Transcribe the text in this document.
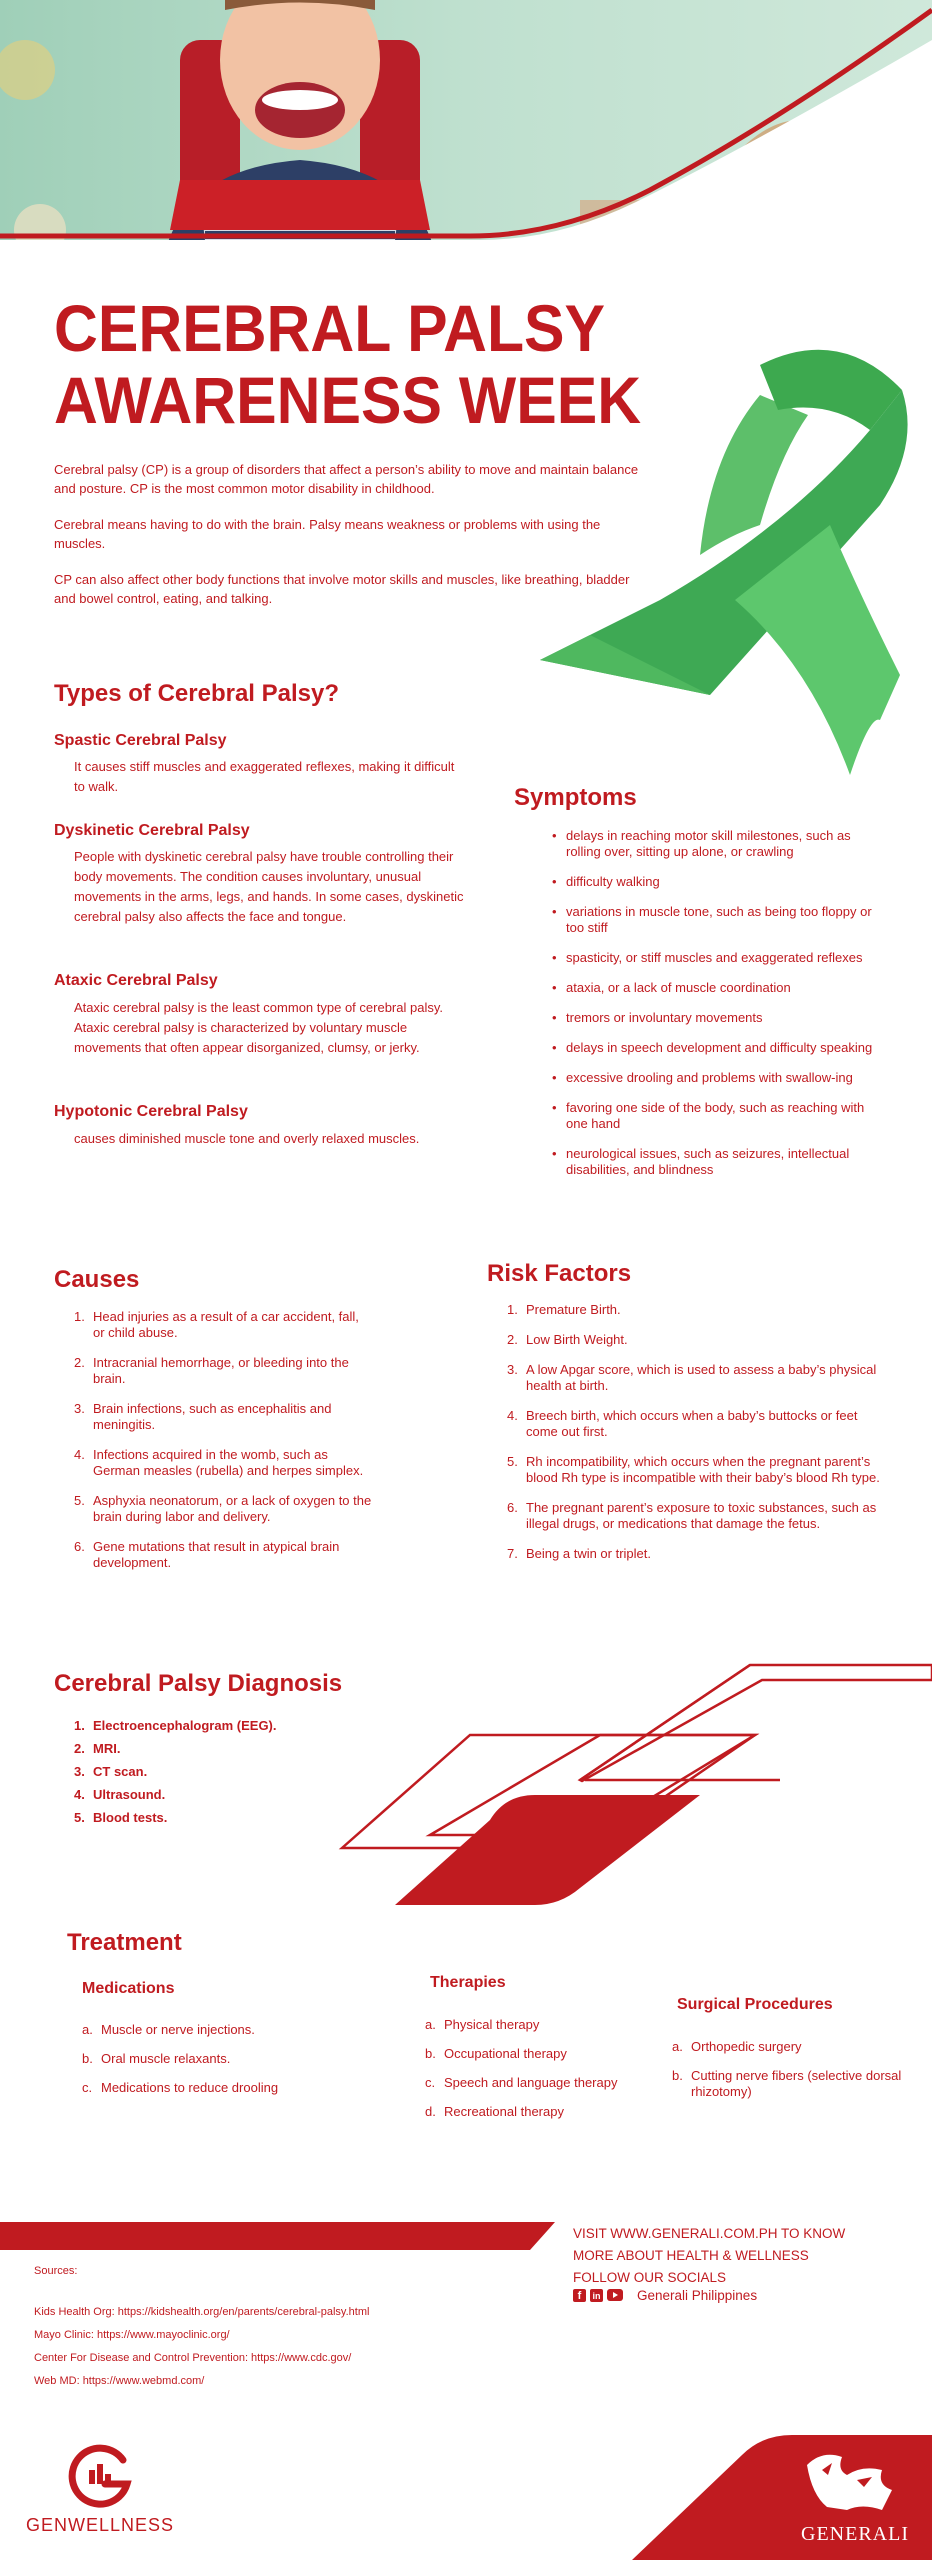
CEREBRAL PALSY
AWARENESS WEEK

Cerebral palsy (CP) is a group of disorders that affect a person’s ability to move and maintain balance and posture. CP is the most common motor disability in childhood.

Cerebral means having to do with the brain. Palsy means weakness or problems with using the muscles.

CP can also affect other body functions that involve motor skills and muscles, like breathing, bladder and bowel control, eating, and talking.

Types of Cerebral Palsy?
Spastic Cerebral Palsy
It causes stiff muscles and exaggerated reflexes, making it difficult to walk.
Dyskinetic Cerebral Palsy
People with dyskinetic cerebral palsy have trouble controlling their body movements. The condition causes involuntary, unusual movements in the arms, legs, and hands. In some cases, dyskinetic cerebral palsy also affects the face and tongue.
Ataxic Cerebral Palsy
Ataxic cerebral palsy is the least common type of cerebral palsy. Ataxic cerebral palsy is characterized by voluntary muscle movements that often appear disorganized, clumsy, or jerky.
Hypotonic Cerebral Palsy
causes diminished muscle tone and overly relaxed muscles.
Symptoms
• delays in reaching motor skill milestones, such as rolling over, sitting up alone, or crawling
• difficulty walking
• variations in muscle tone, such as being too floppy or too stiff
• spasticity, or stiff muscles and exaggerated reflexes
• ataxia, or a lack of muscle coordination
• tremors or involuntary movements
• delays in speech development and difficulty speaking
• excessive drooling and problems with swallow-ing
• favoring one side of the body, such as reaching with one hand
• neurological issues, such as seizures, intellectual disabilities, and blindness
Causes
1. Head injuries as a result of a car accident, fall, or child abuse.
2. Intracranial hemorrhage, or bleeding into the brain.
3. Brain infections, such as encephalitis and meningitis.
4. Infections acquired in the womb, such as German measles (rubella) and herpes simplex.
5. Asphyxia neonatorum, or a lack of oxygen to the brain during labor and delivery.
6. Gene mutations that result in atypical brain development.
Risk Factors
1. Premature Birth.
2. Low Birth Weight.
3. A low Apgar score, which is used to assess a baby’s physical health at birth.
4. Breech birth, which occurs when a baby’s buttocks or feet come out first.
5. Rh incompatibility, which occurs when the pregnant parent’s blood Rh type is incompatible with their baby’s blood Rh type.
6. The pregnant parent’s exposure to toxic substances, such as illegal drugs, or medications that damage the fetus.
7. Being a twin or triplet.
Cerebral Palsy Diagnosis
1. Electroencephalogram (EEG).
2. MRI.
3. CT scan.
4. Ultrasound.
5. Blood tests.
Treatment
Medications
a. Muscle or nerve injections.
b. Oral muscle relaxants.
c. Medications to reduce drooling
Therapies
a. Physical therapy
b. Occupational therapy
c. Speech and language therapy
d. Recreational therapy
Surgical Procedures
a. Orthopedic surgery
b. Cutting nerve fibers (selective dorsal rhizotomy)
VISIT WWW.GENERALI.COM.PH TO KNOW
MORE ABOUT HEALTH & WELLNESS
FOLLOW OUR SOCIALS
f	in	Generali Philippines
Sources:
Kids Health Org: https://kidshealth.org/en/parents/cerebral-palsy.html
Mayo Clinic: https://www.mayoclinic.org/
Center For Disease and Control Prevention: https://www.cdc.gov/
Web MD: https://www.webmd.com/
GENWELLNESS	GENERALI
